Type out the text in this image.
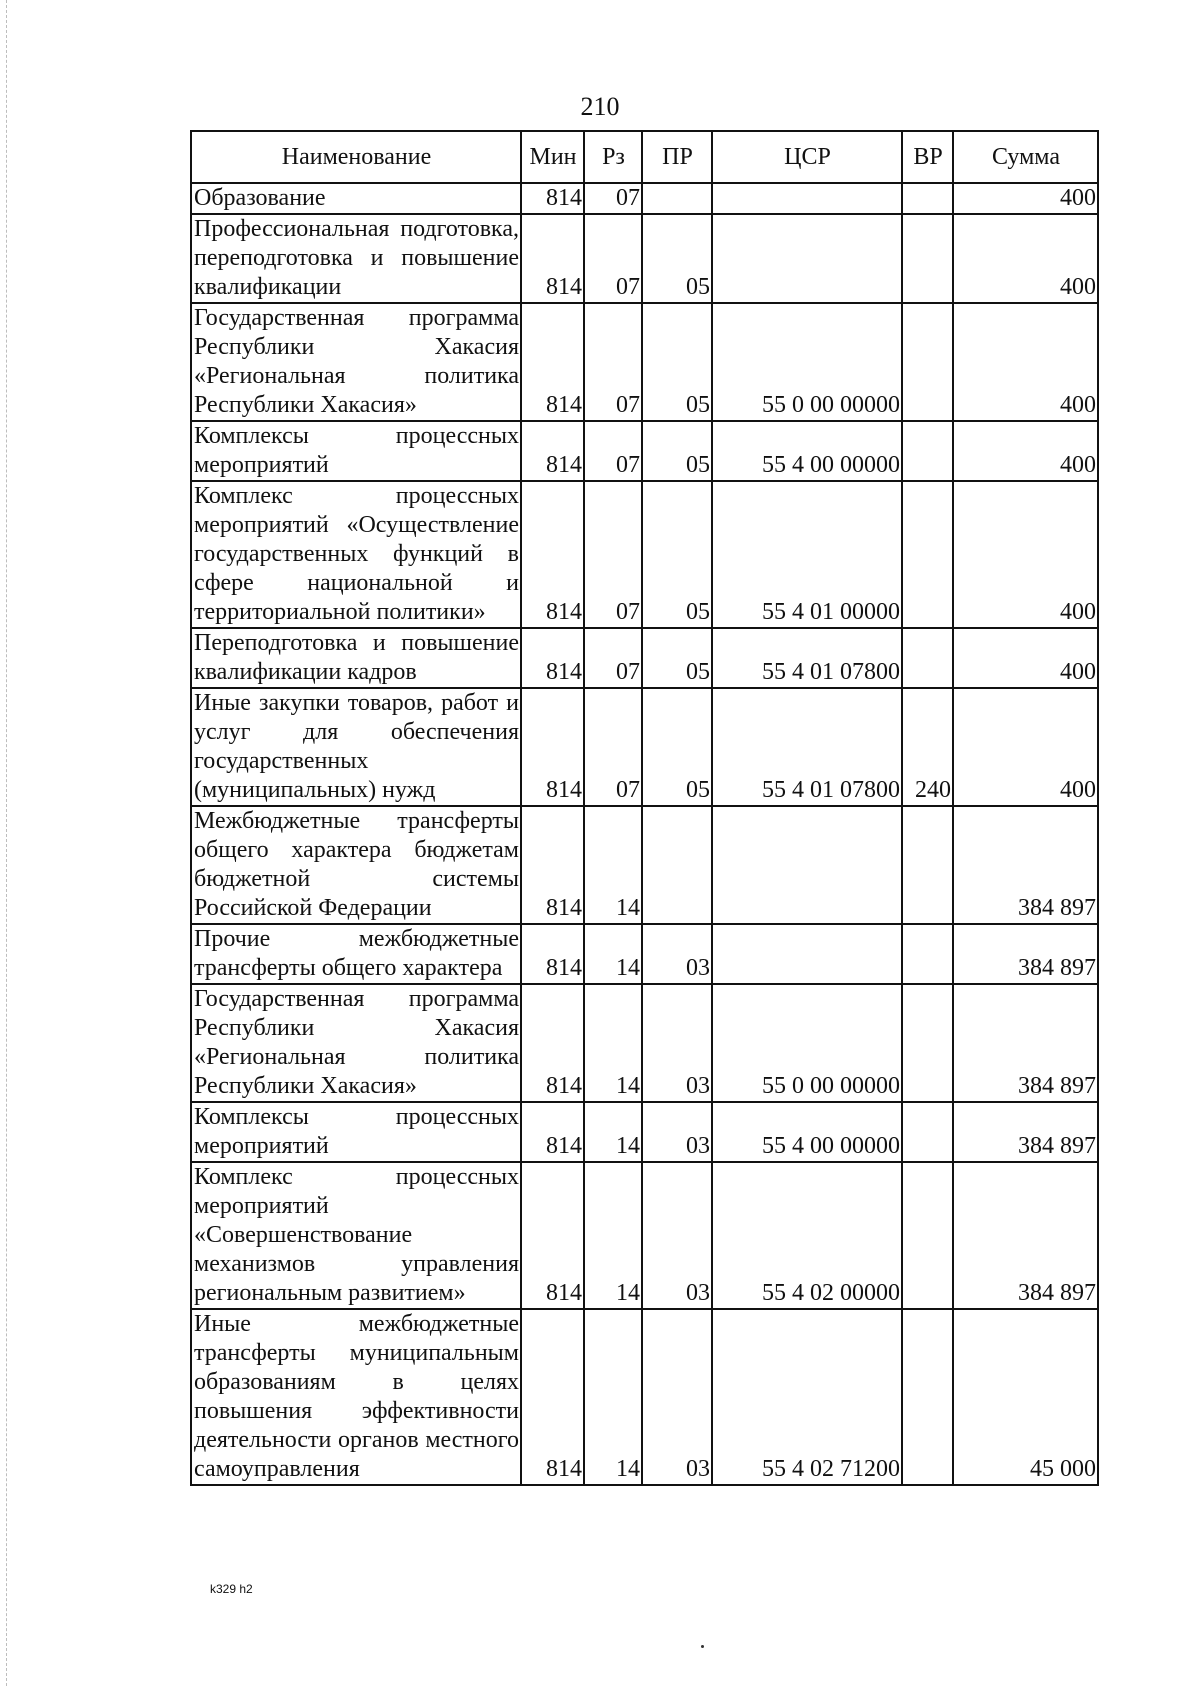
210
Наименование	Мин	Рз	ПР	ЦСР	ВР	Сумма
Образование	814	07				400
Профессиональная подготовка, переподготовка и повышение квалификации	814	07	05			400
Государственная программа Республики Хакасия «Региональная политика Республики Хакасия»	814	07	05	55 0 00 00000		400
Комплексы процессных мероприятий	814	07	05	55 4 00 00000		400
Комплекс процессных мероприятий «Осуществление государственных функций в сфере национальной и территориальной политики»	814	07	05	55 4 01 00000		400
Переподготовка и повышение квалификации кадров	814	07	05	55 4 01 07800		400
Иные закупки товаров, работ и услуг для обеспечения государственных (муниципальных) нужд	814	07	05	55 4 01 07800	240	400
Межбюджетные трансферты общего характера бюджетам бюджетной системы Российской Федерации	814	14				384 897
Прочие межбюджетные трансферты общего характера	814	14	03			384 897
Государственная программа Республики Хакасия «Региональная политика Республики Хакасия»	814	14	03	55 0 00 00000		384 897
Комплексы процессных мероприятий	814	14	03	55 4 00 00000		384 897
Комплекс процессных мероприятий «Совершенствование механизмов управления региональным развитием»	814	14	03	55 4 02 00000		384 897
Иные межбюджетные трансферты муниципальным образованиям в целях повышения эффективности деятельности органов местного самоуправления	814	14	03	55 4 02 71200		45 000
k329 h2
